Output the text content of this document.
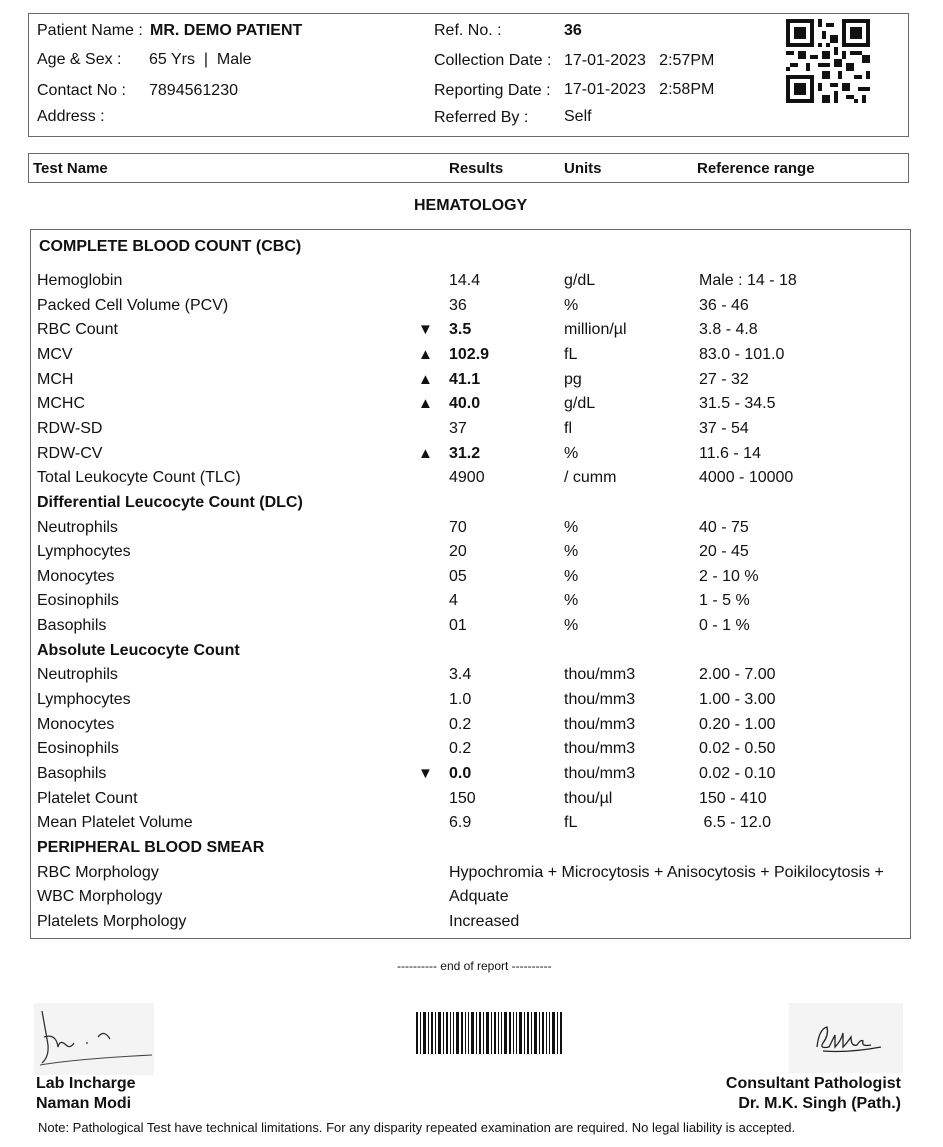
Patient Name : MR. DEMO PATIENT
Age & Sex : 65 Yrs  |  Male
Contact No : 7894561230
Address :
Ref. No. :	36
Collection Date : 17-01-2023   2:57PM
Reporting Date : 17-01-2023   2:58PM
Referred By : Self
Test Name	Results	Units	Reference range
HEMATOLOGY
COMPLETE BLOOD COUNT (CBC)
Hemoglobin	14.4	g/dL	Male : 14 - 18
Packed Cell Volume (PCV)	36	%	36 - 46
RBC Count	▼ 3.5	million/µl	3.8 - 4.8
MCV	▲ 102.9	fL	83.0 - 101.0
MCH	▲ 41.1	pg	27 - 32
MCHC	▲ 40.0	g/dL	31.5 - 34.5
RDW-SD	37	fl	37 - 54
RDW-CV	▲ 31.2	%	11.6 - 14
Total Leukocyte Count (TLC)	4900	/ cumm	4000 - 10000
Differential Leucocyte Count (DLC)
Neutrophils	70	%	40 - 75
Lymphocytes	20	%	20 - 45
Monocytes	05	%	2 - 10 %
Eosinophils	4	%	1 - 5 %
Basophils	01	%	0 - 1 %
Absolute Leucocyte Count
Neutrophils	3.4	thou/mm3	2.00 - 7.00
Lymphocytes	1.0	thou/mm3	1.00 - 3.00
Monocytes	0.2	thou/mm3	0.20 - 1.00
Eosinophils	0.2	thou/mm3	0.02 - 0.50
Basophils	▼ 0.0	thou/mm3	0.02 - 0.10
Platelet Count	150	thou/µl	150 - 410
Mean Platelet Volume	6.9	fL	6.5 - 12.0
PERIPHERAL BLOOD SMEAR
RBC Morphology	Hypochromia + Microcytosis + Anisocytosis + Poikilocytosis +
WBC Morphology	Adquate
Platelets Morphology	Increased
---------- end of report ----------
Lab Incharge
Naman Modi
Consultant Pathologist
Dr. M.K. Singh (Path.)
Note: Pathological Test have technical limitations. For any disparity repeated examination are required. No legal liability is accepted.
